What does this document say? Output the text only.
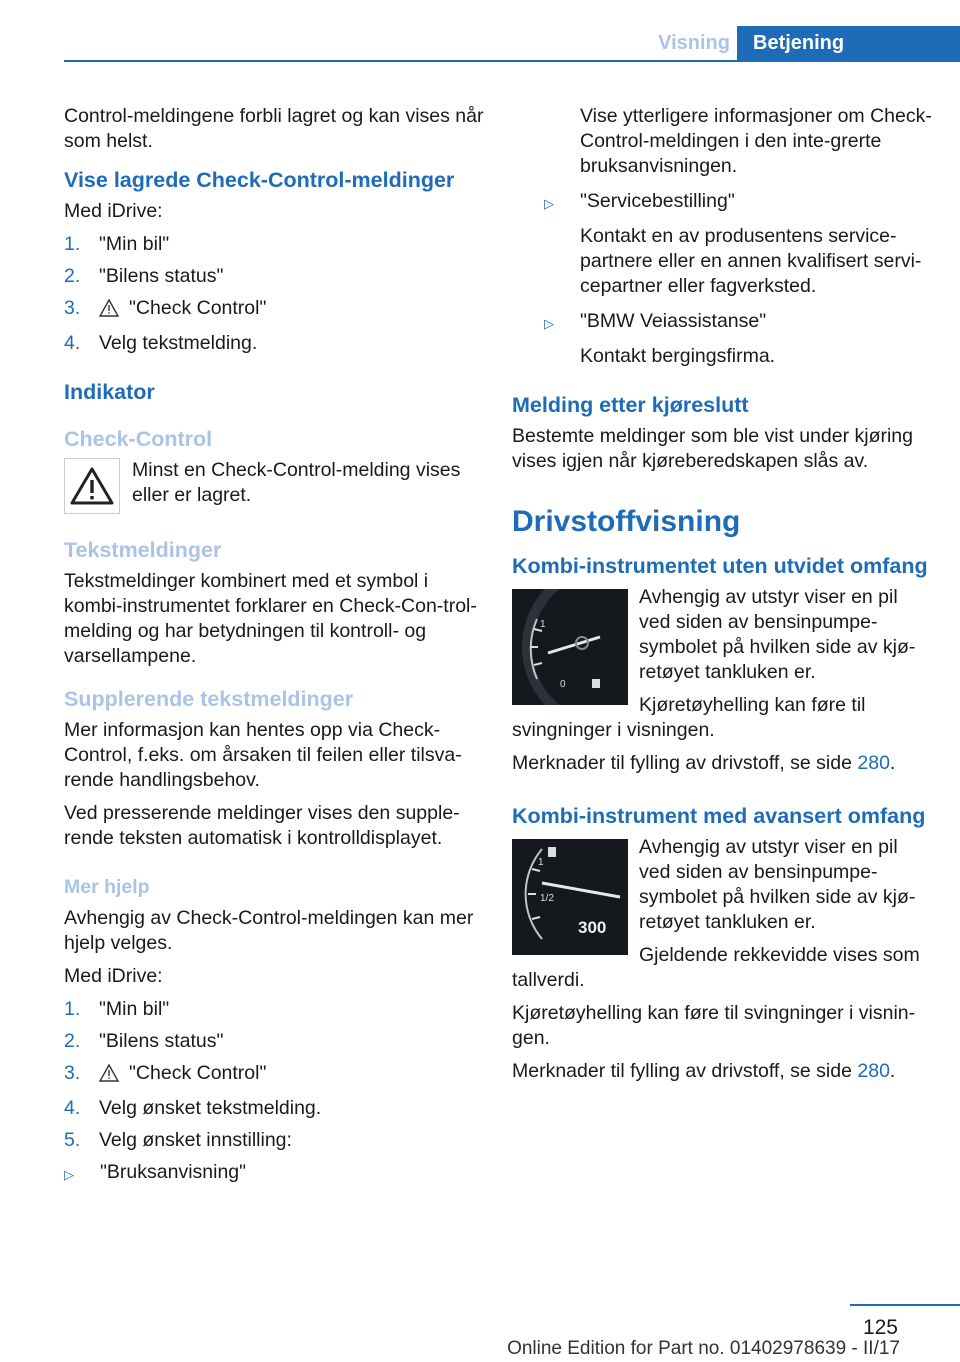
Visning	Betjening

Control-meldingene forbli lagret og kan vises når som helst.

Vise lagrede Check-Control-meldinger

Med iDrive:

1. "Min bil"
2. "Bilens status"
3.	"Check Control"
4. Velg tekstmelding.
Indikator
Check-Control
Minst en Check-Control-melding vises eller er lagret.
Tekstmeldinger

Tekstmeldinger kombinert med et symbol i kombi-instrumentet forklarer en Check-Con-trol-melding og har betydningen til kontroll- og varsellampene.

Supplerende tekstmeldinger

Mer informasjon kan hentes opp via Check-Control, f.eks. om årsaken til feilen eller tilsva-rende handlingsbehov.

Ved presserende meldinger vises den supple-rende teksten automatisk i kontrolldisplayet.

Mer hjelp

Avhengig av Check-Control-meldingen kan mer hjelp velges.

Med iDrive:

1. "Min bil"
2. "Bilens status"
3.	"Check Control"
4. Velg ønsket tekstmelding.
5. Velg ønsket innstilling:
▷	"Bruksanvisning"

Vise ytterligere informasjoner om Check-Control-meldingen i den inte-grerte bruksanvisningen.

▷	"Servicebestilling"

Kontakt en av produsentens service-partnere eller en annen kvalifisert servi-cepartner eller fagverksted.

▷	"BMW Veiassistanse"

Kontakt bergingsfirma.

Melding etter kjøreslutt

Bestemte meldinger som ble vist under kjøring vises igjen når kjøreberedskapen slås av.

Drivstoffvisning
Kombi-instrumentet uten utvidet omfang
1
0

Avhengig av utstyr viser en pil ved siden av bensinpumpe-symbolet på hvilken side av kjø-retøyet tankluken er.

Kjøretøyhelling kan føre til svingninger i visningen.

Merknader til fylling av drivstoff, se side 280.

Kombi-instrument med avansert omfang
1
1/2
300

Avhengig av utstyr viser en pil ved siden av bensinpumpe-symbolet på hvilken side av kjø-retøyet tankluken er.

Gjeldende rekkevidde vises som tallverdi.

Kjøretøyhelling kan føre til svingninger i visnin-gen.

Merknader til fylling av drivstoff, se side 280.

125
Online Edition for Part no. 01402978639 - II/17
